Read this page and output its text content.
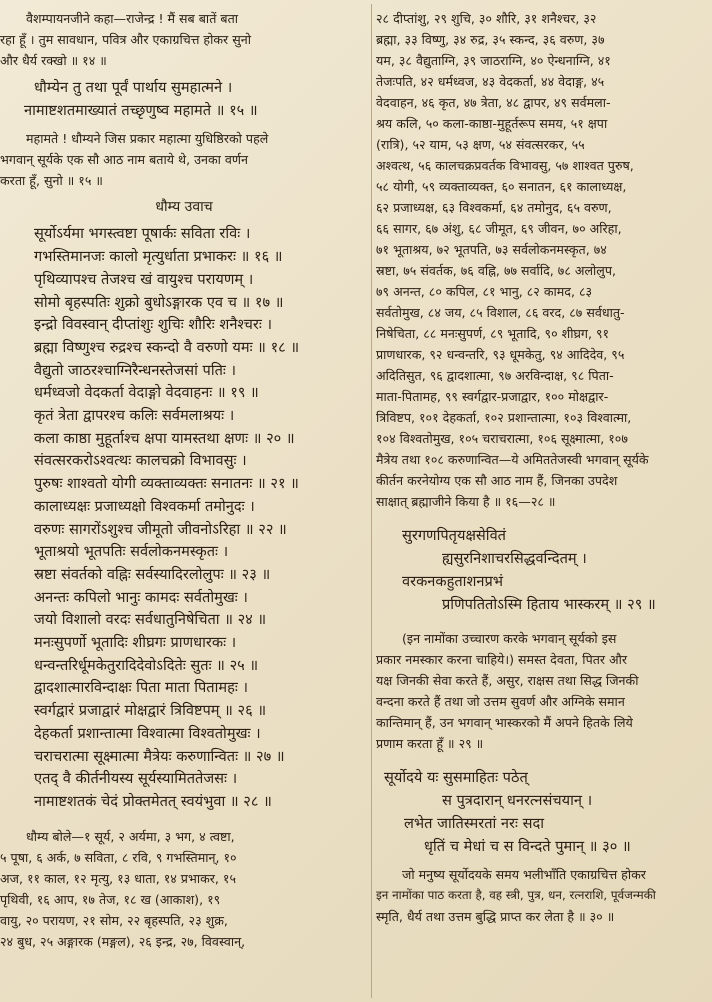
वैशम्पायनजीने कहा—राजेन्द्र ! मैं सब बातें बता

रहा हूँ । तुम सावधान, पवित्र और एकाग्रचित्त होकर सुनो

और धैर्य रक्खो ॥ १४ ॥

धौम्येन तु तथा पूर्वं पार्थाय सुमहात्मने ।

नामाष्टशतमाख्यातं तच्छृणुष्व महामते ॥ १५ ॥

महामते ! धौम्यने जिस प्रकार महात्मा युधिष्ठिरको पहले

भगवान् सूर्यके एक सौ आठ नाम बताये थे, उनका वर्णन

करता हूँ, सुनो ॥ १५ ॥

धौम्य उवाच

सूर्योऽर्यमा भगस्त्वष्टा पूषार्कः सविता रविः ।

गभस्तिमानजः कालो मृत्युर्धाता प्रभाकरः ॥ १६ ॥

पृथिव्यापश्च तेजश्च खं वायुश्च परायणम् ।

सोमो बृहस्पतिः शुक्रो बुधोऽङ्गारक एव च ॥ १७ ॥

इन्द्रो विवस्वान् दीप्तांशुः शुचिः शौरिः शनैश्चरः ।

ब्रह्मा विष्णुश्च रुद्रश्च स्कन्दो वै वरुणो यमः ॥ १८ ॥

वैद्युतो जाठरश्चाग्निरैन्धनस्तेजसां पतिः ।

धर्मध्वजो वेदकर्ता वेदाङ्गो वेदवाहनः ॥ १९ ॥

कृतं त्रेता द्वापरश्च कलिः सर्वमलाश्रयः ।

कला काष्ठा मुहूर्ताश्च क्षपा यामस्तथा क्षणः ॥ २० ॥

संवत्सरकरोऽश्वत्थः कालचक्रो विभावसुः ।

पुरुषः शाश्वतो योगी व्यक्ताव्यक्तः सनातनः ॥ २१ ॥

कालाध्यक्षः प्रजाध्यक्षो विश्वकर्मा तमोनुदः ।

वरुणः सागरोंऽशुश्च जीमूतो जीवनोऽरिहा ॥ २२ ॥

भूताश्रयो भूतपतिः सर्वलोकनमस्कृतः ।

स्रष्टा संवर्तको वह्निः सर्वस्यादिरलोलुपः ॥ २३ ॥

अनन्तः कपिलो भानुः कामदः सर्वतोमुखः ।

जयो विशालो वरदः सर्वधातुनिषेचिता ॥ २४ ॥

मनःसुपर्णो भूतादिः शीघ्रगः प्राणधारकः ।

धन्वन्तरिर्धूमकेतुरादिदेवोऽदितेः सुतः ॥ २५ ॥

द्वादशात्मारविन्दाक्षः पिता माता पितामहः ।

स्वर्गद्वारं प्रजाद्वारं मोक्षद्वारं त्रिविष्टपम् ॥ २६ ॥

देहकर्ता प्रशान्तात्मा विश्वात्मा विश्वतोमुखः ।

चराचरात्मा सूक्ष्मात्मा मैत्रेयः करुणान्वितः ॥ २७ ॥

एतद् वै कीर्तनीयस्य सूर्यस्यामिततेजसः ।

नामाष्टशतकं चेदं प्रोक्तमेतत् स्वयंभुवा ॥ २८ ॥

धौम्य बोले—१ सूर्य, २ अर्यमा, ३ भग, ४ त्वष्टा,

५ पूषा, ६ अर्क, ७ सविता, ८ रवि, ९ गभस्तिमान्, १०

अज, ११ काल, १२ मृत्यु, १३ धाता, १४ प्रभाकर, १५

पृथिवी, १६ आप, १७ तेज, १८ ख (आकाश), १९

वायु, २० परायण, २१ सोम, २२ बृहस्पति, २३ शुक्र,

२४ बुध, २५ अङ्गारक (मङ्गल), २६ इन्द्र, २७, विवस्वान्,

२८ दीप्तांशु, २९ शुचि, ३० शौरि, ३१ शनैश्चर, ३२

ब्रह्मा, ३३ विष्णु, ३४ रुद्र, ३५ स्कन्द, ३६ वरुण, ३७

यम, ३८ वैद्युताग्नि, ३९ जाठराग्नि, ४० ऐन्धनाग्नि, ४१

तेजःपति, ४२ धर्मध्वज, ४३ वेदकर्ता, ४४ वेदाङ्ग, ४५

वेदवाहन, ४६ कृत, ४७ त्रेता, ४८ द्वापर, ४९ सर्वमला-

श्रय कलि, ५० कला-काष्ठा-मुहूर्तरूप समय, ५१ क्षपा

(रात्रि), ५२ याम, ५३ क्षण, ५४ संवत्सरकर, ५५

अश्वत्थ, ५६ कालचक्रप्रवर्तक विभावसु, ५७ शाश्वत पुरुष,

५८ योगी, ५९ व्यक्ताव्यक्त, ६० सनातन, ६१ कालाध्यक्ष,

६२ प्रजाध्यक्ष, ६३ विश्वकर्मा, ६४ तमोनुद, ६५ वरुण,

६६ सागर, ६७ अंशु, ६८ जीमूत, ६९ जीवन, ७० अरिहा,

७१ भूताश्रय, ७२ भूतपति, ७३ सर्वलोकनमस्कृत, ७४

स्रष्टा, ७५ संवर्तक, ७६ वह्नि, ७७ सर्वादि, ७८ अलोलुप,

७९ अनन्त, ८० कपिल, ८१ भानु, ८२ कामद, ८३

सर्वतोमुख, ८४ जय, ८५ विशाल, ८६ वरद, ८७ सर्वधातु-

निषेचिता, ८८ मनःसुपर्ण, ८९ भूतादि, ९० शीघ्रग, ९१

प्राणधारक, ९२ धन्वन्तरि, ९३ धूमकेतु, ९४ आदिदेव, ९५

अदितिसुत, ९६ द्वादशात्मा, ९७ अरविन्दाक्ष, ९८ पिता-

माता-पितामह, ९९ स्वर्गद्वार-प्रजाद्वार, १०० मोक्षद्वार-

त्रिविष्टप, १०१ देहकर्ता, १०२ प्रशान्तात्मा, १०३ विश्वात्मा,

१०४ विश्वतोमुख, १०५ चराचरात्मा, १०६ सूक्ष्मात्मा, १०७

मैत्रेय तथा १०८ करुणान्वित—ये अमिततेजस्वी भगवान् सूर्यके

कीर्तन करनेयोग्य एक सौ आठ नाम हैं, जिनका उपदेश

साक्षात् ब्रह्माजीने किया है ॥ १६—२८ ॥

सुरगणपितृयक्षसेवितं

ह्यसुरनिशाचरसिद्धवन्दितम् ।

वरकनकहुताशनप्रभं

प्रणिपतितोऽस्मि हिताय भास्करम् ॥ २९ ॥

(इन नामोंका उच्चारण करके भगवान् सूर्यको इस

प्रकार नमस्कार करना चाहिये।) समस्त देवता, पितर और

यक्ष जिनकी सेवा करते हैं, असुर, राक्षस तथा सिद्ध जिनकी

वन्दना करते हैं तथा जो उत्तम सुवर्ण और अग्निके समान

कान्तिमान् हैं, उन भगवान् भास्करको मैं अपने हितके लिये

प्रणाम करता हूँ ॥ २९ ॥

सूर्योदये यः सुसमाहितः पठेत्

स पुत्रदारान् धनरत्नसंचयान् ।

लभेत जातिस्मरतां नरः सदा

धृतिं च मेधां च स विन्दते पुमान् ॥ ३० ॥

जो मनुष्य सूर्योदयके समय भलीभाँति एकाग्रचित्त होकर

इन नामोंका पाठ करता है, वह स्त्री, पुत्र, धन, रत्नराशि, पूर्वजन्मकी

स्मृति, धैर्य तथा उत्तम बुद्धि प्राप्त कर लेता है ॥ ३० ॥
